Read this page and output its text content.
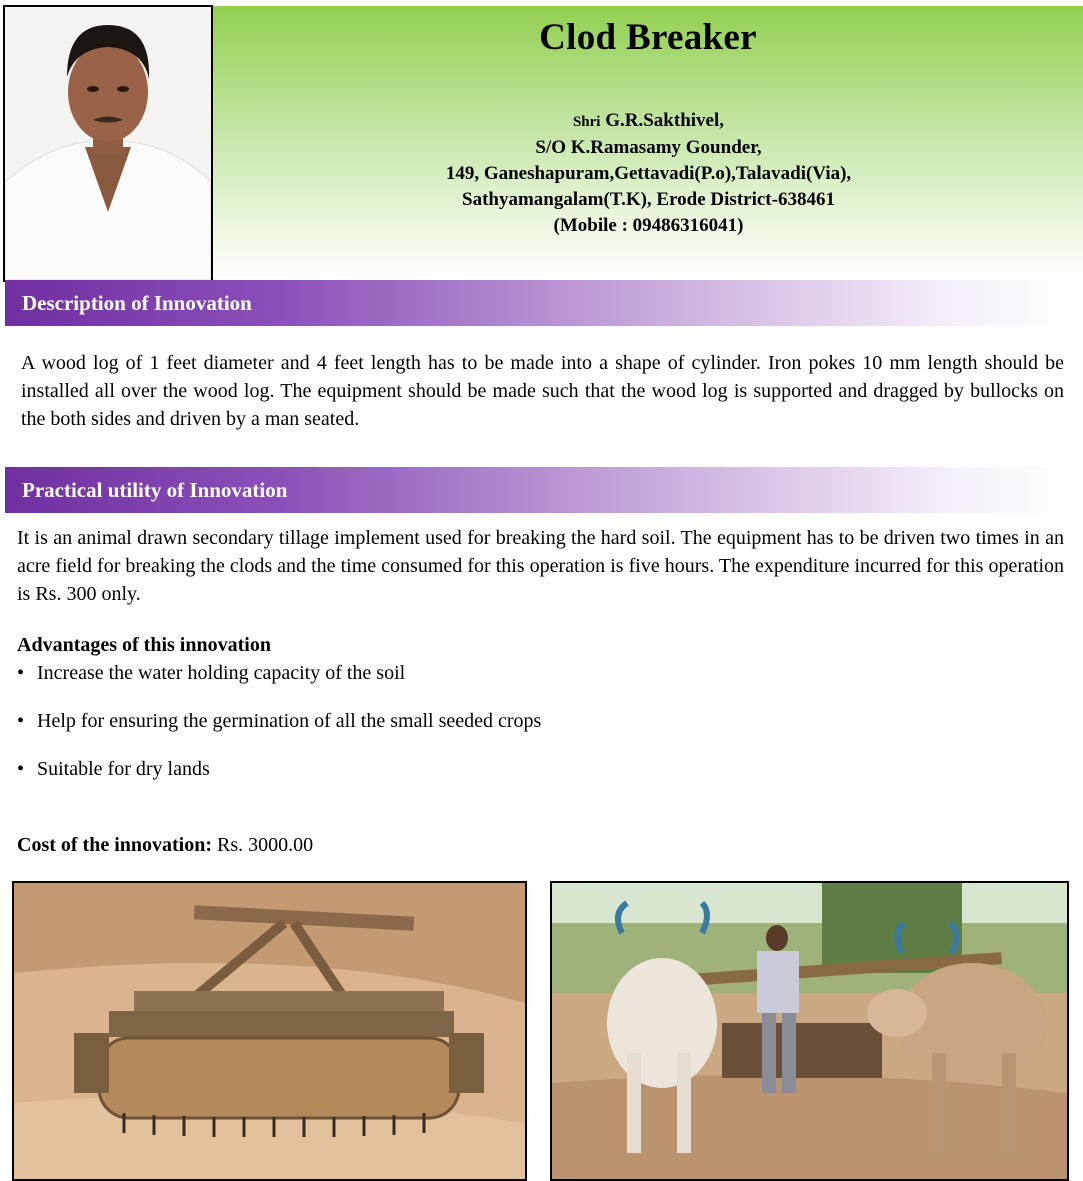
Clod Breaker
Shri G.R.Sakthivel,
S/O K.Ramasamy Gounder,
149, Ganeshapuram,Gettavadi(P.o),Talavadi(Via),
Sathyamangalam(T.K), Erode District-638461
(Mobile : 09486316041)
Description of Innovation
A wood log of 1 feet diameter and 4 feet length has to be made into a shape of cylinder. Iron pokes 10 mm length should be installed all over the wood log. The equipment should be made such that the wood log is supported and dragged by bullocks on the both sides and driven by a man seated.
Practical utility of Innovation
It is an animal drawn secondary tillage implement used for breaking the hard soil. The equipment has to be driven two times in an acre field for breaking the clods and the time consumed for this operation is five hours. The expenditure incurred for this operation is Rs. 300 only.
Advantages of this innovation
• Increase the water holding capacity of the soil
• Help for ensuring the germination of all the small seeded crops
• Suitable for dry lands
Cost of the innovation: Rs. 3000.00
